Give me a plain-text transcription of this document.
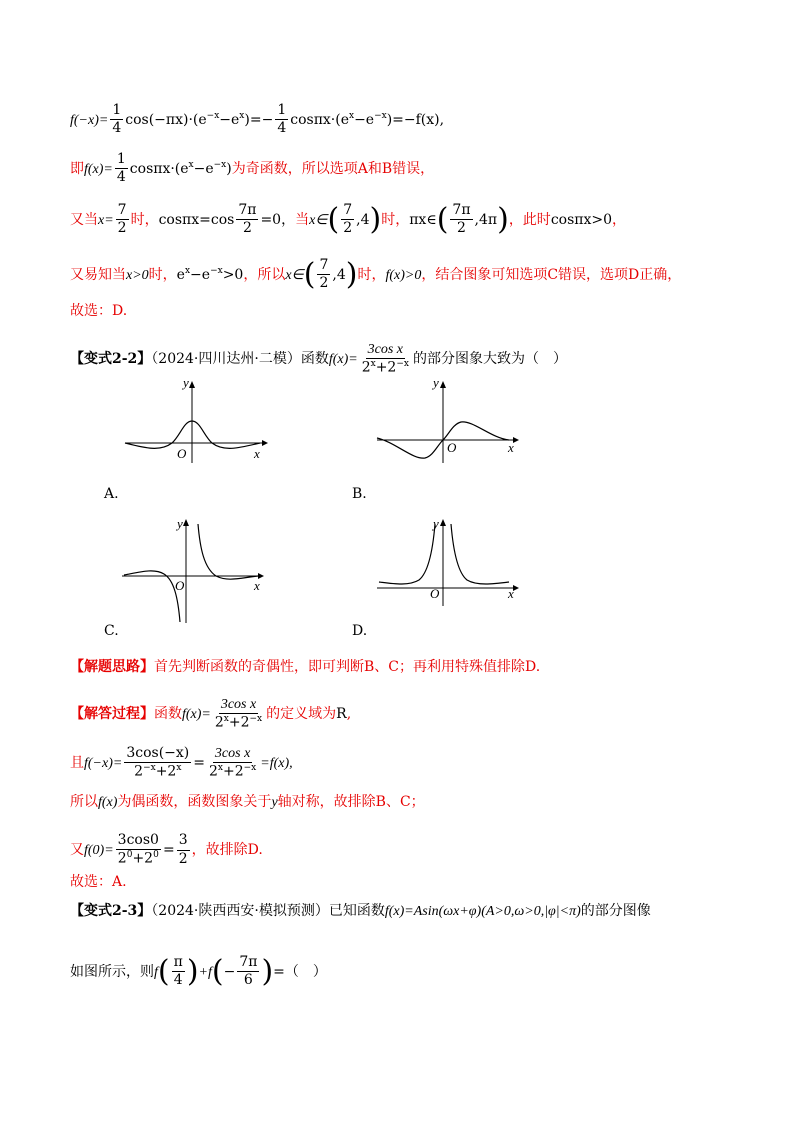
$f(-x)= \frac{1}{4} \cos(-\pi x)\cdot(e^{-x}-e^x)=- \frac{1}{4} \cos\pi x\cdot(e^x-e^{-x})=-f(x)$,
即$f(x)= \frac{1}{4} \cos\pi x\cdot(e^x-e^{-x})$为奇函数，所以选项A和B错误，
又当$x= \frac{7}{2}$ 时，$\cos\pi x=\cos \frac{7\pi}{2} =0$，当x∈( $\frac{7}{2} ,4$)时，πx∈( $\frac{7\pi}{2} ,4\pi$)，此时cosπx>0，
又易知当x>0时，$e^x-e^{-x}>0$，所以x∈( $\frac{7}{2} ,4$)时，f(x)>0，结合图象可知选项C错误，选项D正确，
故选：D.
【变式2-2】（2024·四川达州·二模）函数$f(x)= \frac{\text{3cos x}}{2^x+2^{-x}}$ 的部分图象大致为（　）
y
x
O
y
x
O
A.	B.
y
x
O
y
x
O
C.	D.
【解题思路】首先判断函数的奇偶性，即可判断B、C；再利用特殊值排除D.
【解答过程】函数$f(x)= \frac{\text{3cos x}}{2^x+2^{-x}}$ 的定义域为R,
且$f(-x)= \frac{3\cos(-x)}{2^{-x}+2^x} = \frac{\text{3cos x}}{2^x+2^{-x}} =f(x)$,
所以f(x)为偶函数，函数图象关于y轴对称，故排除B、C；
又$f(0)= \frac{3\cos 0}{2^0+2^0} = \frac{3}{2}$ ，故排除D.
故选：A.
【变式2-3】（2024·陕西西安·模拟预测）已知函数f(x)=Asin(ωx+φ)(A>0,ω>0,|φ|<π)的部分图像
如图所示，则$f( \frac{\pi}{4} )+f(- \frac{7\pi}{6}$ )=（　）
